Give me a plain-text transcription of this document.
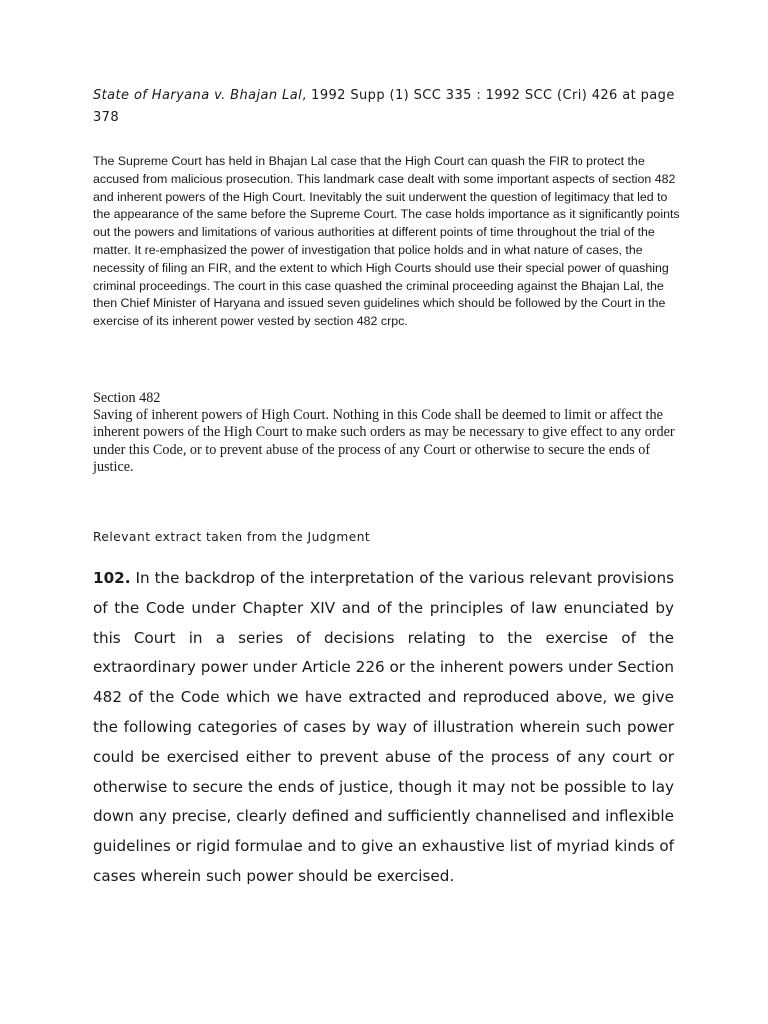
State of Haryana v. Bhajan Lal, 1992 Supp (1) SCC 335 : 1992 SCC (Cri) 426 at page 378
The Supreme Court has held in Bhajan Lal case that the High Court can quash the FIR to protect the accused from malicious prosecution. This landmark case dealt with some important aspects of section 482 and inherent powers of the High Court. Inevitably the suit underwent the question of legitimacy that led to the appearance of the same before the Supreme Court. The case holds importance as it significantly points out the powers and limitations of various authorities at different points of time throughout the trial of the matter. It re-emphasized the power of investigation that police holds and in what nature of cases, the necessity of filing an FIR, and the extent to which High Courts should use their special power of quashing criminal proceedings. The court in this case quashed the criminal proceeding against the Bhajan Lal, the then Chief Minister of Haryana and issued seven guidelines which should be followed by the Court in the exercise of its inherent power vested by section 482 crpc.
Section 482
Saving of inherent powers of High Court. Nothing in this Code shall be deemed to limit or affect the inherent powers of the High Court to make such orders as may be necessary to give effect to any order under this Code, or to prevent abuse of the process of any Court or otherwise to secure the ends of justice.
Relevant extract taken from the Judgment
102. In the backdrop of the interpretation of the various relevant provisions of the Code under Chapter XIV and of the principles of law enunciated by this Court in a series of decisions relating to the exercise of the extraordinary power under Article 226 or the inherent powers under Section 482 of the Code which we have extracted and reproduced above, we give the following categories of cases by way of illustration wherein such power could be exercised either to prevent abuse of the process of any court or otherwise to secure the ends of justice, though it may not be possible to lay down any precise, clearly defined and sufficiently channelised and inflexible guidelines or rigid formulae and to give an exhaustive list of myriad kinds of cases wherein such power should be exercised.
